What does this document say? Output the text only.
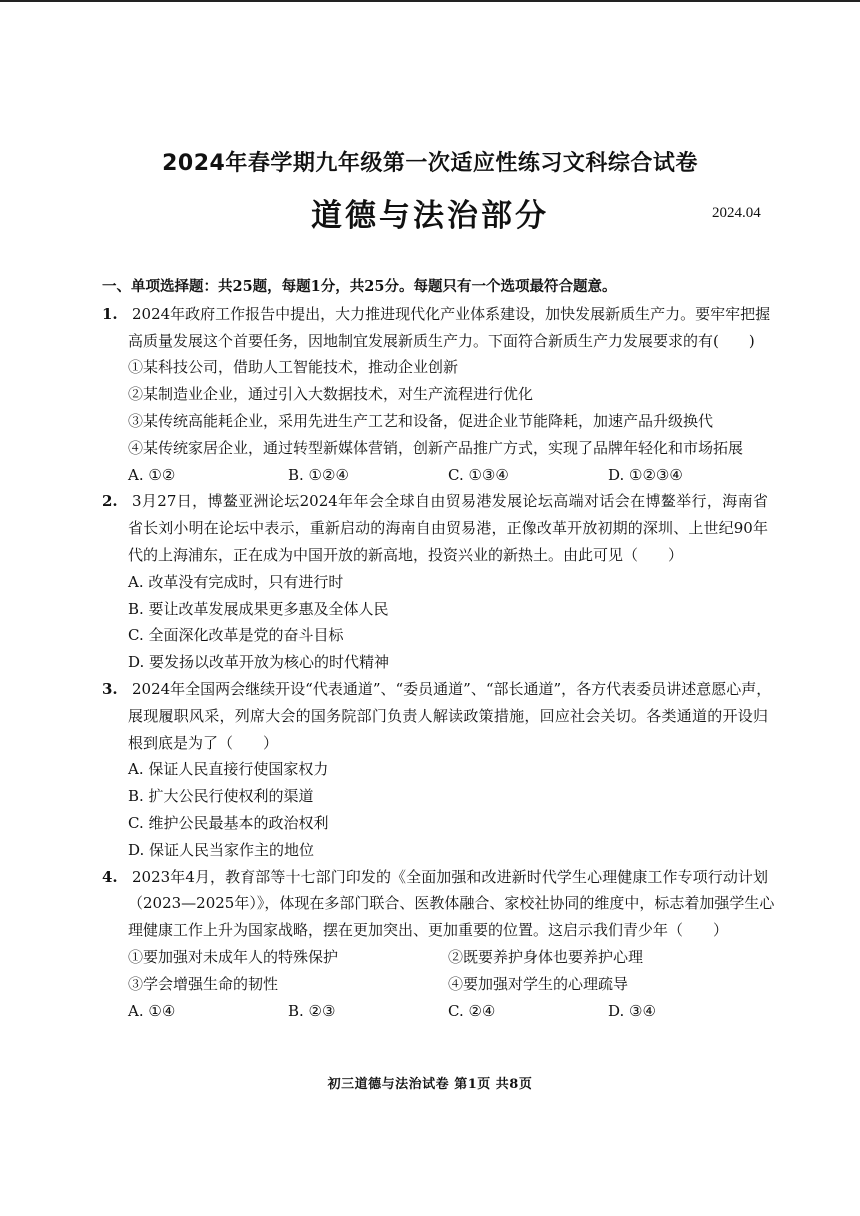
2024年春学期九年级第一次适应性练习文科综合试卷
道德与法治部分	2024.04
一、单项选择题：共25题，每题1分，共25分。每题只有一个选项最符合题意。
1. 2024年政府工作报告中提出，大力推进现代化产业体系建设，加快发展新质生产力。要牢牢把握
高质量发展这个首要任务，因地制宜发展新质生产力。下面符合新质生产力发展要求的有(　　)
①某科技公司，借助人工智能技术，推动企业创新
②某制造业企业，通过引入大数据技术，对生产流程进行优化
③某传统高能耗企业，采用先进生产工艺和设备，促进企业节能降耗，加速产品升级换代
④某传统家居企业，通过转型新媒体营销，创新产品推广方式，实现了品牌年轻化和市场拓展
A. ①②	B. ①②④	C. ①③④	D. ①②③④
2. 3月27日，博鳌亚洲论坛2024年年会全球自由贸易港发展论坛高端对话会在博鳌举行，海南省
省长刘小明在论坛中表示，重新启动的海南自由贸易港，正像改革开放初期的深圳、上世纪90年
代的上海浦东，正在成为中国开放的新高地，投资兴业的新热土。由此可见（　　）
A. 改革没有完成时，只有进行时
B. 要让改革发展成果更多惠及全体人民
C. 全面深化改革是党的奋斗目标
D. 要发扬以改革开放为核心的时代精神
3. 2024年全国两会继续开设“代表通道”、“委员通道”、“部长通道”，各方代表委员讲述意愿心声，
展现履职风采，列席大会的国务院部门负责人解读政策措施，回应社会关切。各类通道的开设归
根到底是为了（　　）
A. 保证人民直接行使国家权力
B. 扩大公民行使权利的渠道
C. 维护公民最基本的政治权利
D. 保证人民当家作主的地位
4. 2023年4月，教育部等十七部门印发的《全面加强和改进新时代学生心理健康工作专项行动计划
（2023—2025年）》，体现在多部门联合、医教体融合、家校社协同的维度中，标志着加强学生心
理健康工作上升为国家战略，摆在更加突出、更加重要的位置。这启示我们青少年（　　）
①要加强对未成年人的特殊保护	②既要养护身体也要养护心理
③学会增强生命的韧性	④要加强对学生的心理疏导
A. ①④	B. ②③	C. ②④	D. ③④
初三道德与法治试卷 第1页 共8页
